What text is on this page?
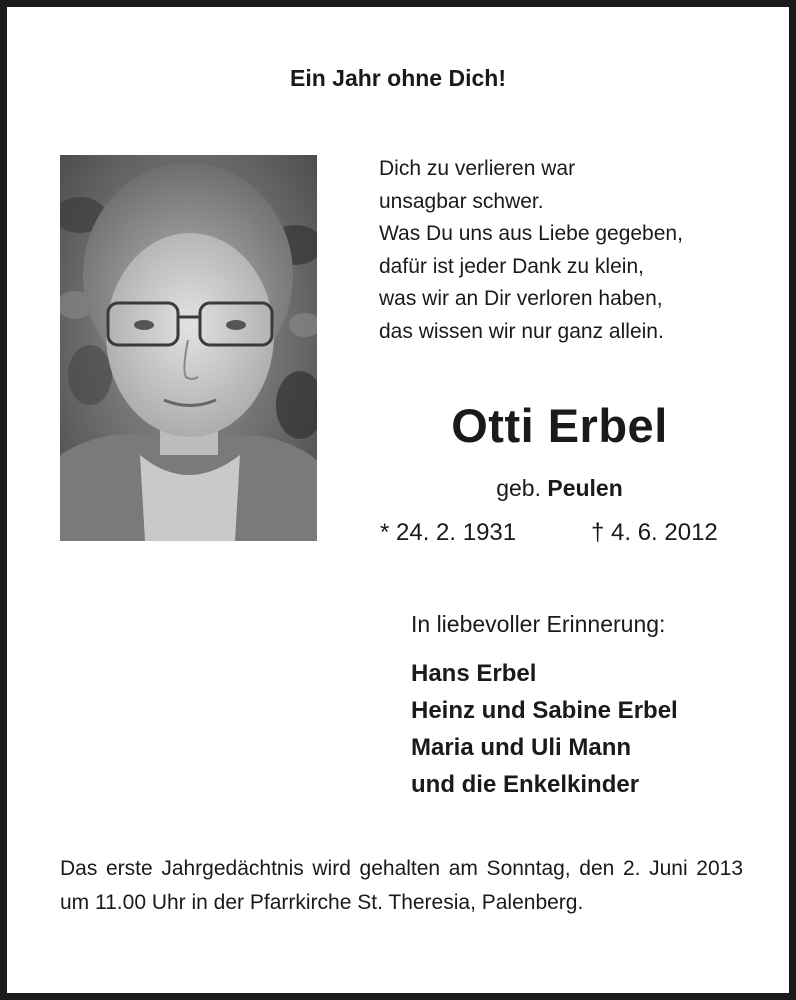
Ein Jahr ohne Dich!
Dich zu verlieren war
unsagbar schwer.
Was Du uns aus Liebe gegeben,
dafür ist jeder Dank zu klein,
was wir an Dir verloren haben,
das wissen wir nur ganz allein.
Otti Erbel
geb. Peulen
* 24. 2. 1931	† 4. 6. 2012
In liebevoller Erinnerung:
Hans Erbel
Heinz und Sabine Erbel
Maria und Uli Mann
und die Enkelkinder
Das erste Jahrgedächtnis wird gehalten am Sonntag, den 2. Juni 2013 um 11.00 Uhr in der Pfarrkirche St. Theresia, Palenberg.
